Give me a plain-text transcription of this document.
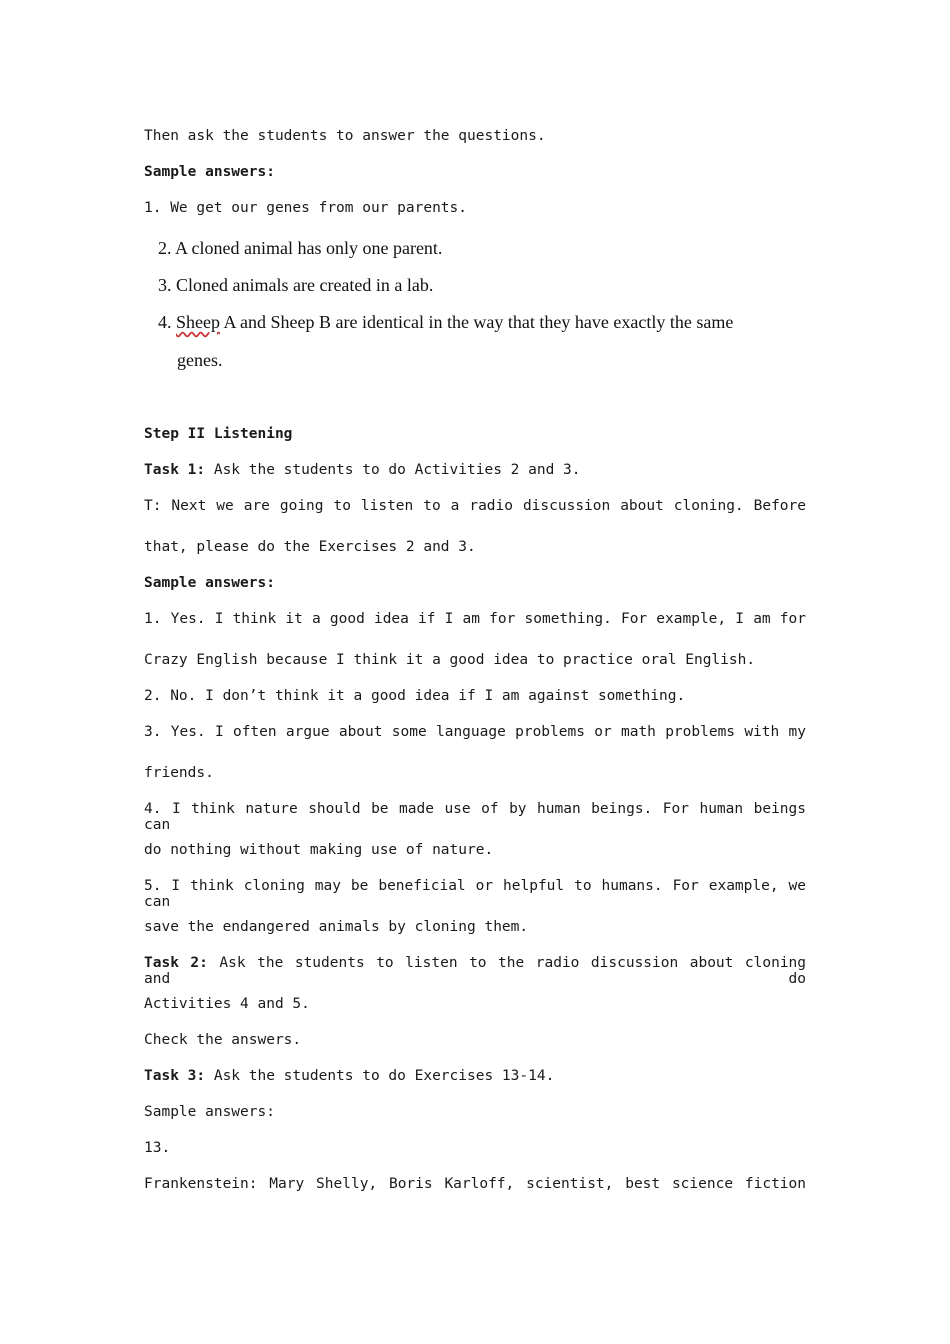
Then ask the students to answer the questions.
Sample answers:
1. We get our genes from our parents.
2. A cloned animal has only one parent.
3. Cloned animals are created in a lab.
4. Sheep A and Sheep B are identical in the way that they have exactly the same
genes.
Step II Listening
Task 1: Ask the students to do Activities 2 and 3.
T: Next we are going to listen to a radio discussion about cloning. Before
that, please do the Exercises 2 and 3.
Sample answers:
1. Yes. I think it a good idea if I am for something. For example, I am for
Crazy English because I think it a good idea to practice oral English.
2. No. I don’t think it a good idea if I am against something.
3. Yes. I often argue about some language problems or math problems with my
friends.
4. I think nature should be made use of by human beings. For human beings can
do nothing without making use of nature.
5. I think cloning may be beneficial or helpful to humans. For example, we can
save the endangered animals by cloning them.
Task 2: Ask the students to listen to the radio discussion about cloning and do
Activities 4 and 5.
Check the answers.
Task 3: Ask the students to do Exercises 13-14.
Sample answers:
13.
Frankenstein: Mary Shelly, Boris Karloff, scientist, best science fiction
